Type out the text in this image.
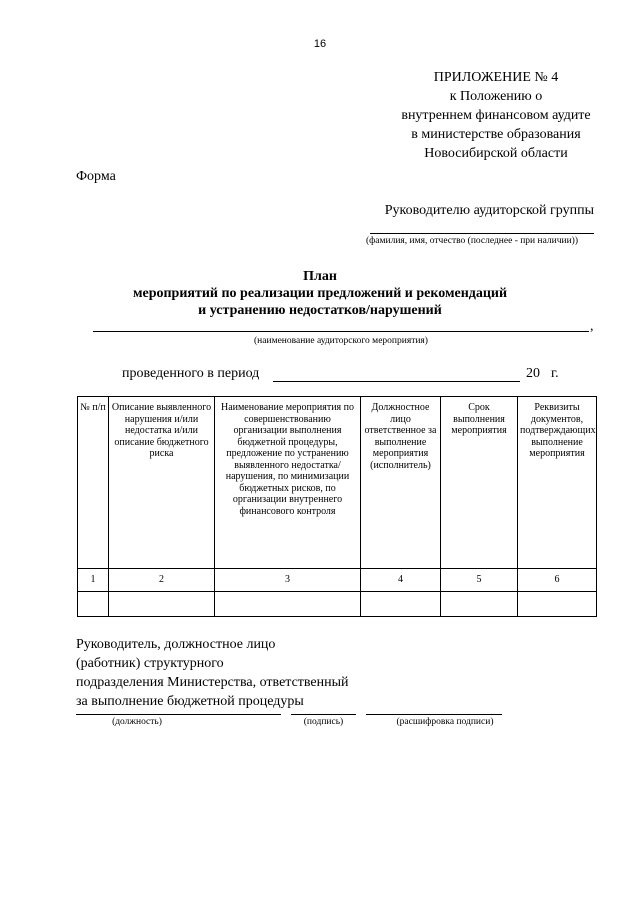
16
ПРИЛОЖЕНИЕ № 4
к Положению о
внутреннем финансовом аудите
в министерстве образования
Новосибирской области
Форма
Руководителю аудиторской группы
(фамилия, имя, отчество (последнее - при наличии))
План
мероприятий по реализации предложений и рекомендаций
и устранению недостатков/нарушений
,
(наименование аудиторского мероприятия)
проведенного в период	20 г.
№ п/п	Описание выявленного нарушения и/или недостатка и/или описание бюджетного риска	Наименование мероприятия по совершенствованию организации выполнения бюджетной процедуры, предложение по устранению выявленного недостатка/нарушения, по минимизации бюджетных рисков, по организации внутреннего финансового контроля	Должностное лицо ответственное за выполнение мероприятия (исполнитель)	Срок выполнения мероприятия	Реквизиты документов, подтверждающих выполнение мероприятия
1	2	3	4	5	6

Руководитель, должностное лицо
(работник) структурного
подразделения Министерства, ответственный
за выполнение бюджетной процедуры
(должность)	(подпись)	(расшифровка подписи)
